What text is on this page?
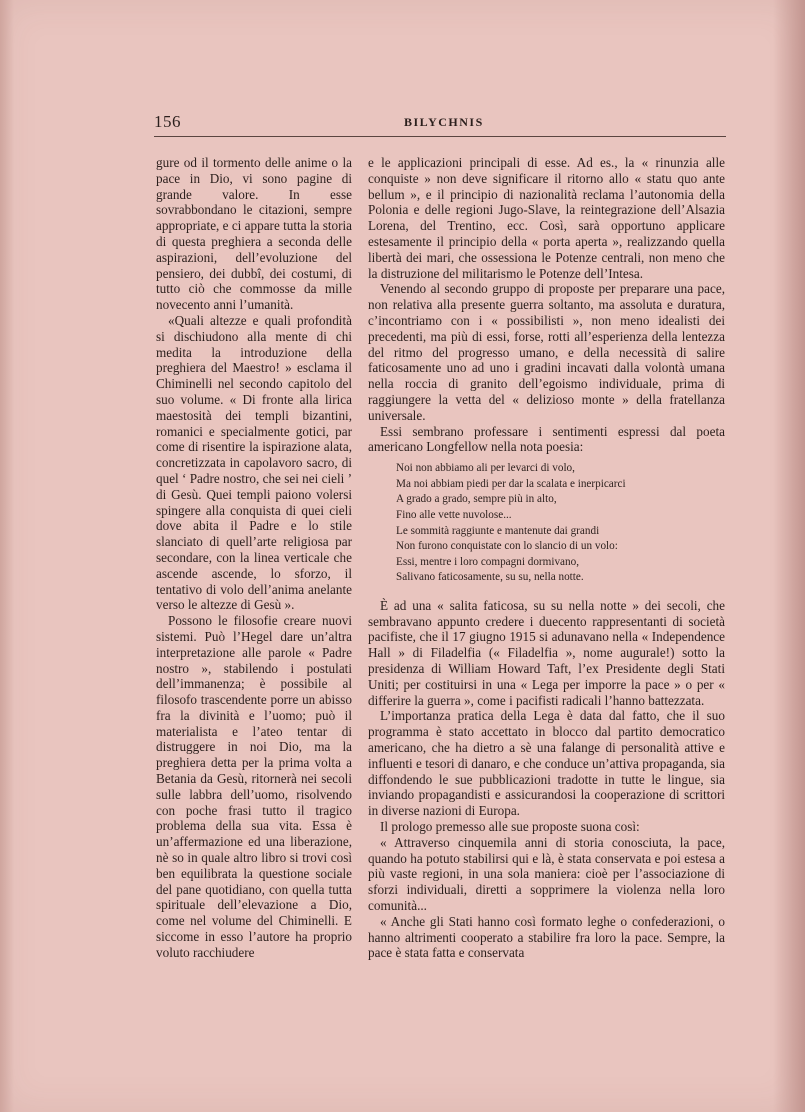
156	BILYCHNIS

gure od il tormento delle anime o la pace in Dio, vi sono pagine di grande valore. In esse sovrabbondano le citazioni, sempre appropriate, e ci appare tutta la storia di questa preghiera a seconda delle aspirazioni, dell’evoluzione del pensiero, dei dubbî, dei costumi, di tutto ciò che commosse da mille novecento anni l’umanità.

«Quali altezze e quali profondità si dischiudono alla mente di chi medita la introduzione della preghiera del Maestro! » esclama il Chiminelli nel secondo capitolo del suo volume. « Di fronte alla lirica maestosità dei templi bizantini, romanici e specialmente gotici, par come di risentire la ispirazione alata, concretizzata in capolavoro sacro, di quel ‘ Padre nostro, che sei nei cieli ’ di Gesù. Quei templi paiono volersi spingere alla conquista di quei cieli dove abita il Padre e lo stile slanciato di quell’arte religiosa par secondare, con la linea verticale che ascende ascende, lo sforzo, il tentativo di volo dell’anima anelante verso le altezze di Gesù ».

Possono le filosofie creare nuovi sistemi. Può l’Hegel dare un’altra interpretazione alle parole « Padre nostro », stabilendo i postulati dell’immanenza; è possibile al filosofo trascendente porre un abisso fra la divinità e l’uomo; può il materialista e l’ateo tentar di distruggere in noi Dio, ma la preghiera detta per la prima volta a Betania da Gesù, ritornerà nei secoli sulle labbra dell’uomo, risolvendo con poche frasi tutto il tragico problema della sua vita. Essa è un’affermazione ed una liberazione, nè so in quale altro libro si trovi così ben equilibrata la questione sociale del pane quotidiano, con quella tutta spirituale dell’elevazione a Dio, come nel volume del Chiminelli. E siccome in esso l’autore ha proprio voluto racchiudere

e le applicazioni principali di esse. Ad es., la « rinunzia alle conquiste » non deve significare il ritorno allo « statu quo ante bellum », e il principio di nazionalità reclama l’autonomia della Polonia e delle regioni Jugo-Slave, la reintegrazione dell’Alsazia Lorena, del Trentino, ecc. Così, sarà opportuno applicare estesamente il principio della « porta aperta », realizzando quella libertà dei mari, che ossessiona le Potenze centrali, non meno che la distruzione del militarismo le Potenze dell’Intesa.

Venendo al secondo gruppo di proposte per preparare una pace, non relativa alla presente guerra soltanto, ma assoluta e duratura, c’incontriamo con i « possibilisti », non meno idealisti dei precedenti, ma più di essi, forse, rotti all’esperienza della lentezza del ritmo del progresso umano, e della necessità di salire faticosamente uno ad uno i gradini incavati dalla volontà umana nella roccia di granito dell’egoismo individuale, prima di raggiungere la vetta del « delizioso monte » della fratellanza universale.

Essi sembrano professare i sentimenti espressi dal poeta americano Longfellow nella nota poesia:

Noi non abbiamo ali per levarci di volo,
Ma noi abbiam piedi per dar la scalata e inerpicarci
A grado a grado, sempre più in alto,
Fino alle vette nuvolose...
Le sommità raggiunte e mantenute dai grandi
Non furono conquistate con lo slancio di un volo:
Essi, mentre i loro compagni dormivano,
Salivano faticosamente, su su, nella notte.

È ad una « salita faticosa, su su nella notte » dei secoli, che sembravano appunto credere i duecento rappresentanti di società pacifiste, che il 17 giugno 1915 si adunavano nella « Independence Hall » di Filadelfia (« Filadelfia », nome augurale!) sotto la presidenza di William Howard Taft, l’ex Presidente degli Stati Uniti; per costituirsi in una « Lega per imporre la pace » o per « differire la guerra », come i pacifisti radicali l’hanno battezzata.

L’importanza pratica della Lega è data dal fatto, che il suo programma è stato accettato in blocco dal partito democratico americano, che ha dietro a sè una falange di personalità attive e influenti e tesori di danaro, e che conduce un’attiva propaganda, sia diffondendo le sue pubblicazioni tradotte in tutte le lingue, sia inviando propagandisti e assicurandosi la cooperazione di scrittori in diverse nazioni di Europa.

Il prologo premesso alle sue proposte suona così:

« Attraverso cinquemila anni di storia conosciuta, la pace, quando ha potuto stabilirsi qui e là, è stata conservata e poi estesa a più vaste regioni, in una sola maniera: cioè per l’associazione di sforzi individuali, diretti a sopprimere la violenza nella loro comunità...

« Anche gli Stati hanno così formato leghe o confederazioni, o hanno altrimenti cooperato a stabilire fra loro la pace. Sempre, la pace è stata fatta e conservata
